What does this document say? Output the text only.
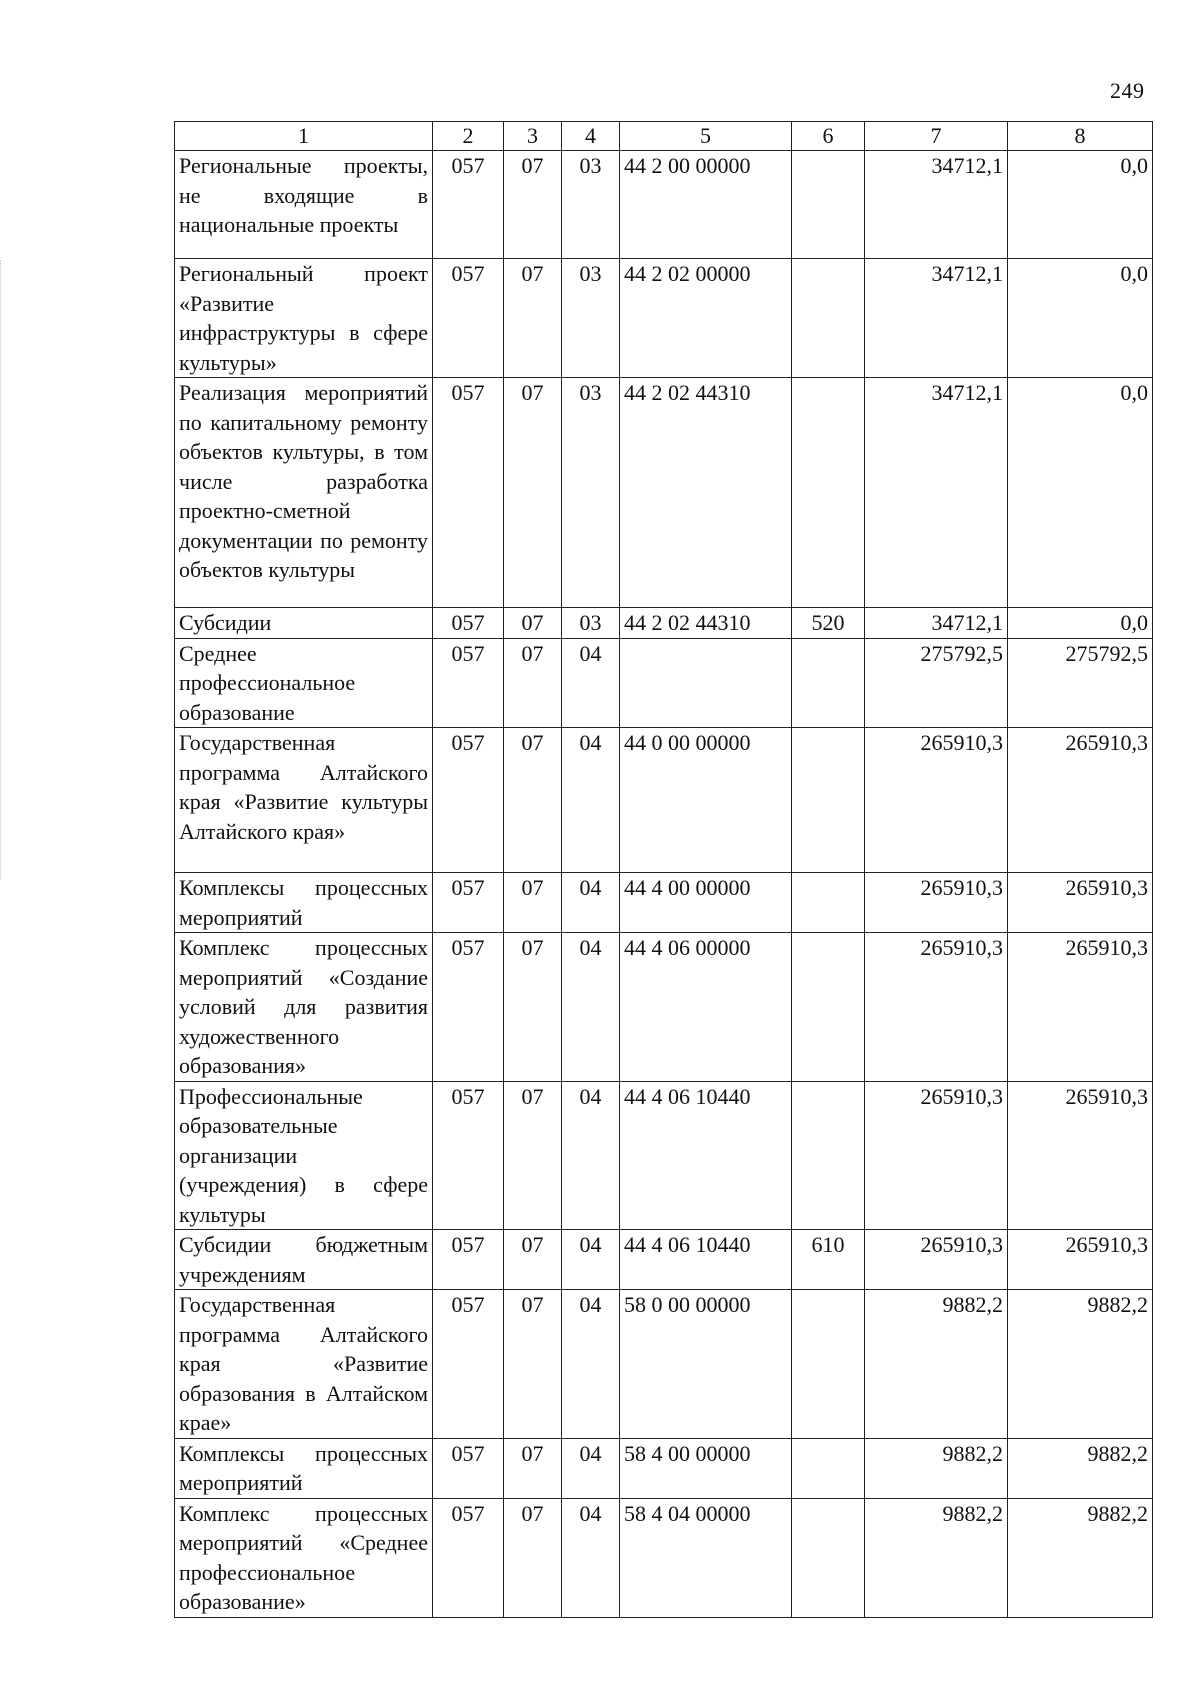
249
1	2	3	4	5	6	7	8
Региональные проекты, не входящие в национальные проекты	057	07	03	44 2 00 00000		34712,1	0,0
Региональный проект «Развитие инфраструктуры в сфере культуры»	057	07	03	44 2 02 00000		34712,1	0,0
Реализация мероприятий по капитальному ремонту объектов культуры, в том числе разработка проектно-сметной документации по ремонту объектов культуры	057	07	03	44 2 02 44310		34712,1	0,0
Субсидии	057	07	03	44 2 02 44310	520	34712,1	0,0
Среднее профессиональное образование	057	07	04			275792,5	275792,5
Государственная программа Алтайского края «Развитие культуры Алтайского края»	057	07	04	44 0 00 00000		265910,3	265910,3
Комплексы процессных мероприятий	057	07	04	44 4 00 00000		265910,3	265910,3
Комплекс процессных мероприятий «Создание условий для развития художественного образования»	057	07	04	44 4 06 00000		265910,3	265910,3
Профессиональные образовательные организации (учреждения) в сфере культуры	057	07	04	44 4 06 10440		265910,3	265910,3
Субсидии бюджетным учреждениям	057	07	04	44 4 06 10440	610	265910,3	265910,3
Государственная программа Алтайского края «Развитие образования в Алтайском крае»	057	07	04	58 0 00 00000		9882,2	9882,2
Комплексы процессных мероприятий	057	07	04	58 4 00 00000		9882,2	9882,2
Комплекс процессных мероприятий «Среднее профессиональное образование»	057	07	04	58 4 04 00000		9882,2	9882,2
